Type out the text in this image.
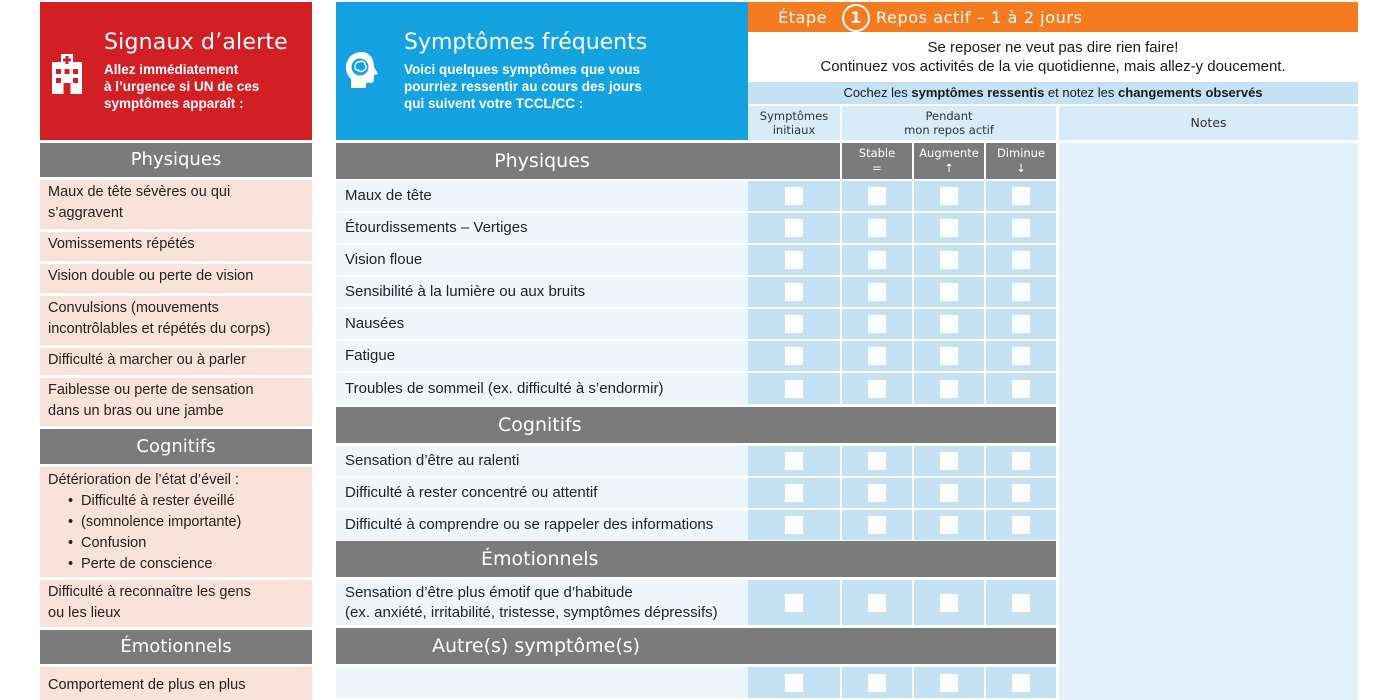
Signaux d’alerte
Allez immédiatement
à l’urgence si UN de ces
symptômes apparaît :
Physiques
Maux de tête sévères ou qui
s’aggravent
Vomissements répétés
Vision double ou perte de vision
Convulsions (mouvements
incontrôlables et répétés du corps)
Difficulté à marcher ou à parler
Faiblesse ou perte de sensation
dans un bras ou une jambe
Cognitifs
Détérioration de l’état d’éveil :
• Difficulté à rester éveillé
• (somnolence importante)
• Confusion
• Perte de conscience
Difficulté à reconnaître les gens
ou les lieux
Émotionnels
Comportement de plus en plus
Symptômes fréquents
Voici quelques symptômes que vous
pourriez ressentir au cours des jours
qui suivent votre TCCL/CC :
Étape	1 Repos actif – 1 à 2 jours
Se reposer ne veut pas dire rien faire!
Continuez vos activités de la vie quotidienne, mais allez-y doucement.
Cochez les symptômes ressentis et notez les changements observés
Symptômes
initiaux
Pendant
mon repos actif	Notes
Stable
=
Augmente
↑
Diminue
↓
Physiques
Cognitifs
Émotionnels
Autre(s) symptôme(s)
Maux de tête
Étourdissements – Vertiges
Vision floue
Sensibilité à la lumière ou aux bruits
Nausées
Fatigue
Troubles de sommeil (ex. difficulté à s’endormir)
Sensation d’être au ralenti
Difficulté à rester concentré ou attentif
Difficulté à comprendre ou se rappeler des informations
Sensation d’être plus émotif que d’habitude
(ex. anxiété, irritabilité, tristesse, symptômes dépressifs)
